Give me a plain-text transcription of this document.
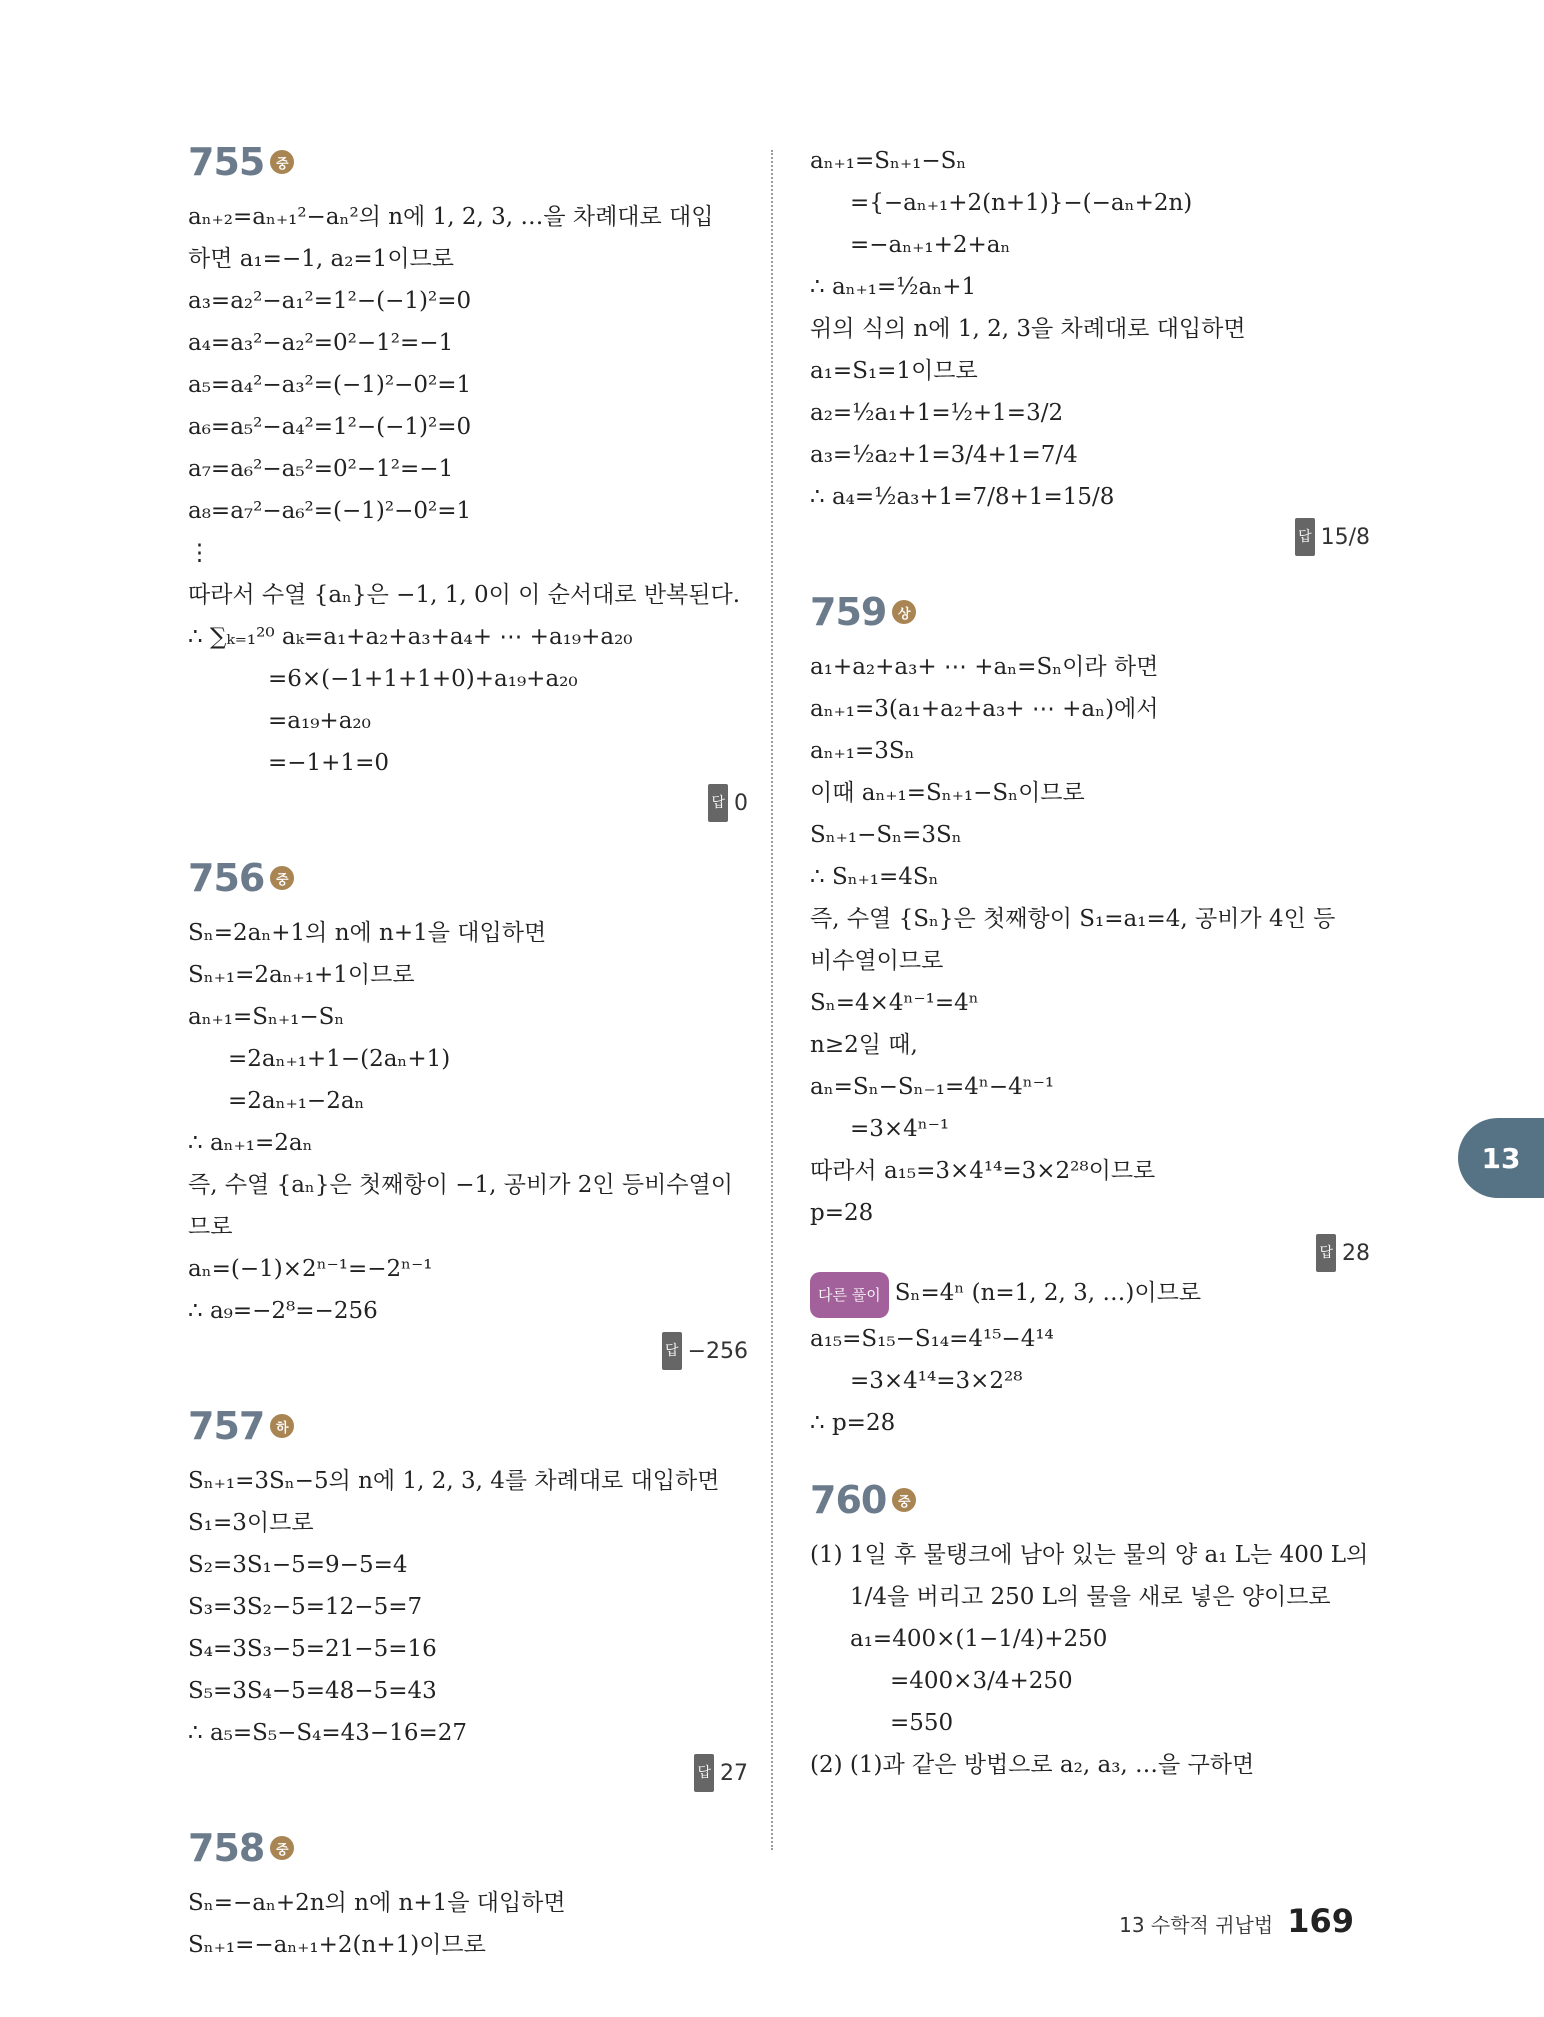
755 중
aₙ₊₂=aₙ₊₁²−aₙ²의 n에 1, 2, 3, …을 차례대로 대입
하면 a₁=−1, a₂=1이므로
a₃=a₂²−a₁²=1²−(−1)²=0
a₄=a₃²−a₂²=0²−1²=−1
a₅=a₄²−a₃²=(−1)²−0²=1
a₆=a₅²−a₄²=1²−(−1)²=0
a₇=a₆²−a₅²=0²−1²=−1
a₈=a₇²−a₆²=(−1)²−0²=1
⋮
따라서 수열 {aₙ}은 −1, 1, 0이 이 순서대로 반복된다.
∴ ∑ₖ₌₁²⁰ aₖ=a₁+a₂+a₃+a₄+ ⋯ +a₁₉+a₂₀
=6×(−1+1+1+0)+a₁₉+a₂₀
=a₁₉+a₂₀
=−1+1=0
답 0
756 중
Sₙ=2aₙ+1의 n에 n+1을 대입하면
Sₙ₊₁=2aₙ₊₁+1이므로
aₙ₊₁=Sₙ₊₁−Sₙ
=2aₙ₊₁+1−(2aₙ+1)
=2aₙ₊₁−2aₙ
∴ aₙ₊₁=2aₙ
즉, 수열 {aₙ}은 첫째항이 −1, 공비가 2인 등비수열이
므로
aₙ=(−1)×2ⁿ⁻¹=−2ⁿ⁻¹
∴ a₉=−2⁸=−256
답 −256
757 하
Sₙ₊₁=3Sₙ−5의 n에 1, 2, 3, 4를 차례대로 대입하면
S₁=3이므로
S₂=3S₁−5=9−5=4
S₃=3S₂−5=12−5=7
S₄=3S₃−5=21−5=16
S₅=3S₄−5=48−5=43
∴ a₅=S₅−S₄=43−16=27
답 27
758 중
Sₙ=−aₙ+2n의 n에 n+1을 대입하면
Sₙ₊₁=−aₙ₊₁+2(n+1)이므로
aₙ₊₁=Sₙ₊₁−Sₙ
={−aₙ₊₁+2(n+1)}−(−aₙ+2n)
=−aₙ₊₁+2+aₙ
∴ aₙ₊₁=½aₙ+1
위의 식의 n에 1, 2, 3을 차례대로 대입하면
a₁=S₁=1이므로
a₂=½a₁+1=½+1=3/2
a₃=½a₂+1=3/4+1=7/4
∴ a₄=½a₃+1=7/8+1=15/8
답 15/8
759 상
a₁+a₂+a₃+ ⋯ +aₙ=Sₙ이라 하면
aₙ₊₁=3(a₁+a₂+a₃+ ⋯ +aₙ)에서
aₙ₊₁=3Sₙ
이때 aₙ₊₁=Sₙ₊₁−Sₙ이므로
Sₙ₊₁−Sₙ=3Sₙ
∴ Sₙ₊₁=4Sₙ
즉, 수열 {Sₙ}은 첫째항이 S₁=a₁=4, 공비가 4인 등
비수열이므로
Sₙ=4×4ⁿ⁻¹=4ⁿ
n≥2일 때,
aₙ=Sₙ−Sₙ₋₁=4ⁿ−4ⁿ⁻¹
=3×4ⁿ⁻¹
따라서 a₁₅=3×4¹⁴=3×2²⁸이므로
p=28
답 28
다른 풀이 Sₙ=4ⁿ (n=1, 2, 3, …)이므로
a₁₅=S₁₅−S₁₄=4¹⁵−4¹⁴
=3×4¹⁴=3×2²⁸
∴ p=28
760 중
(1) 1일 후 물탱크에 남아 있는 물의 양 a₁ L는 400 L의
1/4을 버리고 250 L의 물을 새로 넣은 양이므로
a₁=400×(1−1/4)+250
=400×3/4+250
=550
(2) (1)과 같은 방법으로 a₂, a₃, …을 구하면
13
13 수학적 귀납법 169
